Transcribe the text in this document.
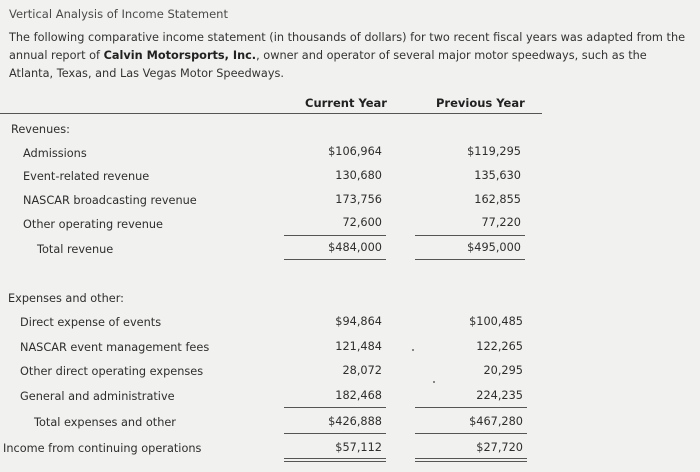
Vertical Analysis of Income Statement
The following comparative income statement (in thousands of dollars) for two recent fiscal years was adapted from the annual report of Calvin Motorsports, Inc., owner and operator of several major motor speedways, such as the Atlanta, Texas, and Las Vegas Motor Speedways.
Current Year	Previous Year
Revenues:
Admissions	$106,964	$119,295
Event-related revenue	130,680	135,630
NASCAR broadcasting revenue	173,756	162,855
Other operating revenue	72,600	77,220
Total revenue	$484,000	$495,000
Expenses and other:
Direct expense of events	$94,864	$100,485
NASCAR event management fees	121,484	122,265
Other direct operating expenses	28,072	20,295
General and administrative	182,468	224,235
Total expenses and other	$426,888	$467,280
Income from continuing operations	$57,112	$27,720
